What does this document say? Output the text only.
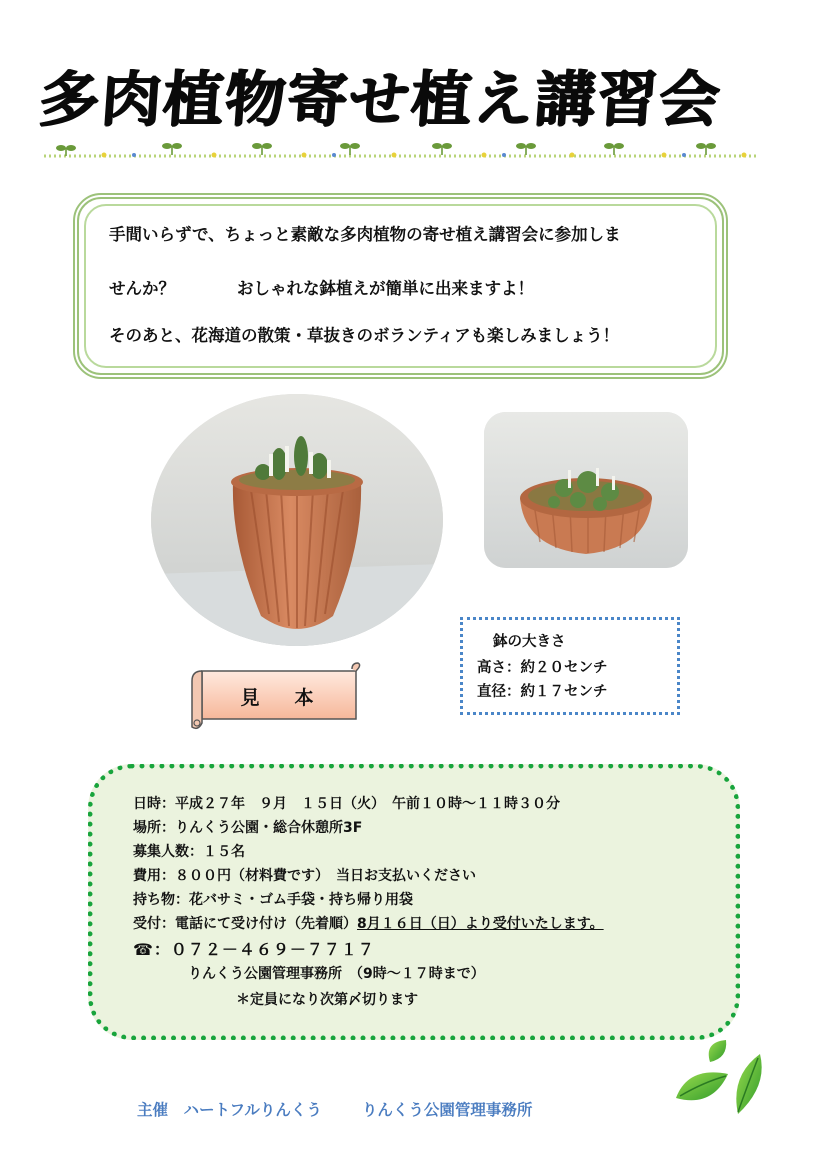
多肉植物寄せ植え講習会
手間いらずで、ちょっと素敵な多肉植物の寄せ植え講習会に参加しま
せんか？	おしゃれな鉢植えが簡単に出来ますよ！
そのあと、花海道の散策・草抜きのボランティアも楽しみましょう！
見　本
鉢の大きさ
高さ：約２０センチ
直径：約１７センチ
日時：平成２７年　９月　１５日（火）　午前１０時～１１時３０分
場所：りんくう公園・総合休憩所3F
募集人数：１５名
費用：８００円（材料費です）　当日お支払いください
持ち物：花バサミ・ゴム手袋・持ち帰り用袋
受付：電話にて受け付け（先着順）8月１６日（日）より受付いたします。
☎：０７２－４６９－７７１７
りんくう公園管理事務所　（9時～１７時まで）
＊定員になり次第〆切ります
主催　ハートフルりんくう	りんくう公園管理事務所
